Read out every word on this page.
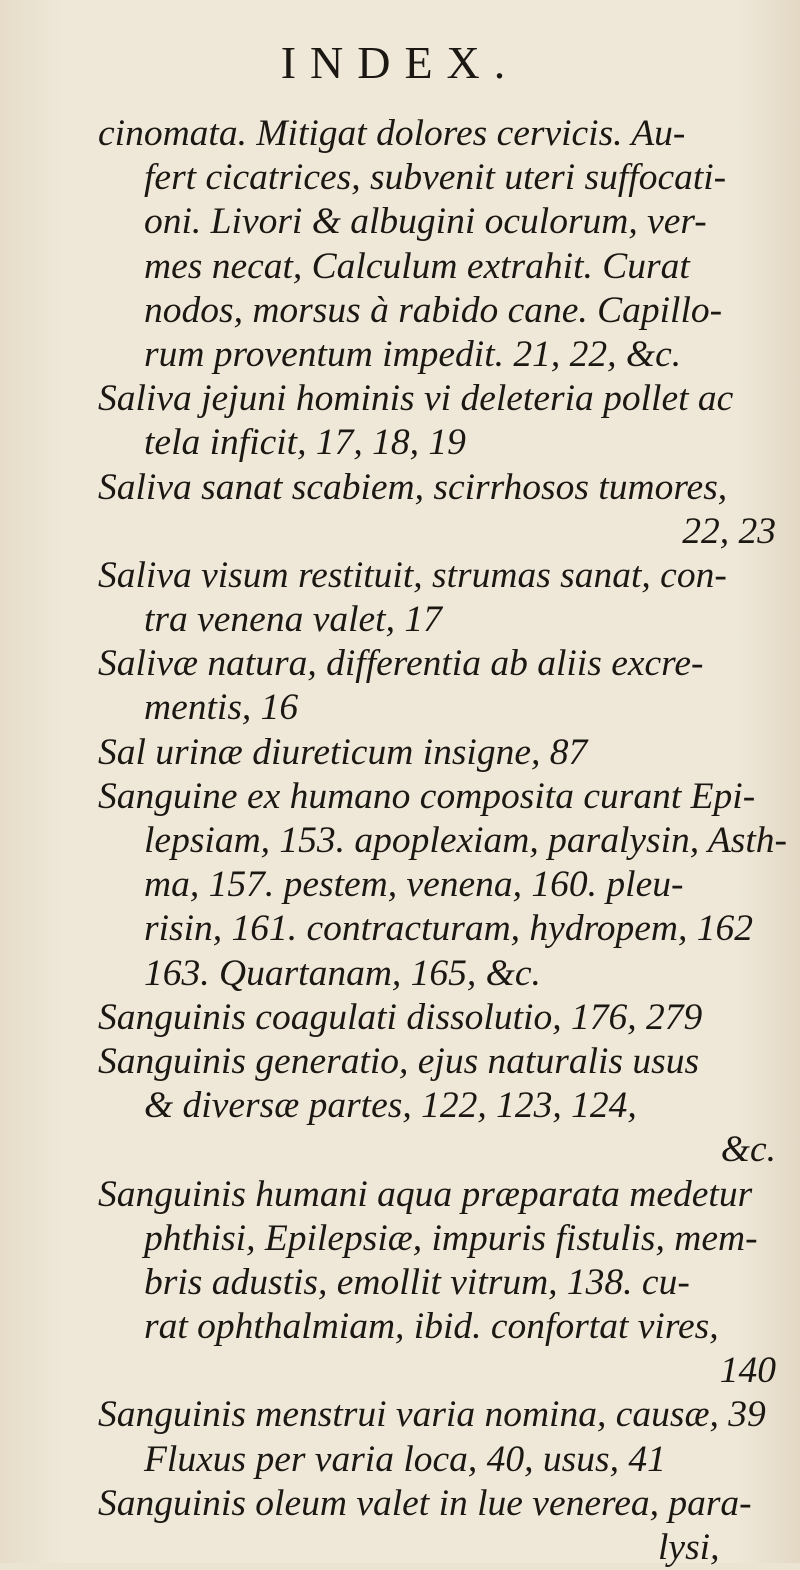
INDEX.
cinomata. Mitigat dolores cervicis. Au-
fert cicatrices, subvenit uteri suffocati-
oni. Livori & albugini oculorum, ver-
mes necat, Calculum extrahit. Curat
nodos, morsus à rabido cane. Capillo-
rum proventum impedit. 21, 22, &c.
Saliva jejuni hominis vi deleteria pollet ac
tela inficit, 17, 18, 19
Saliva sanat scabiem, scirrhosos tumores,
22, 23
Saliva visum restituit, strumas sanat, con-
tra venena valet, 17
Salivæ natura, differentia ab aliis excre-
mentis, 16
Sal urinæ diureticum insigne, 87
Sanguine ex humano composita curant Epi-
lepsiam, 153. apoplexiam, paralysin, Asth-
ma, 157. pestem, venena, 160. pleu-
risin, 161. contracturam, hydropem, 162
163. Quartanam, 165, &c.
Sanguinis coagulati dissolutio, 176, 279
Sanguinis generatio, ejus naturalis usus
& diversæ partes, 122, 123, 124,
&c.
Sanguinis humani aqua præparata medetur
phthisi, Epilepsiæ, impuris fistulis, mem-
bris adustis, emollit vitrum, 138. cu-
rat ophthalmiam, ibid. confortat vires,
140
Sanguinis menstrui varia nomina, causæ, 39
Fluxus per varia loca, 40, usus, 41
Sanguinis oleum valet in lue venerea, para-
lysi,
